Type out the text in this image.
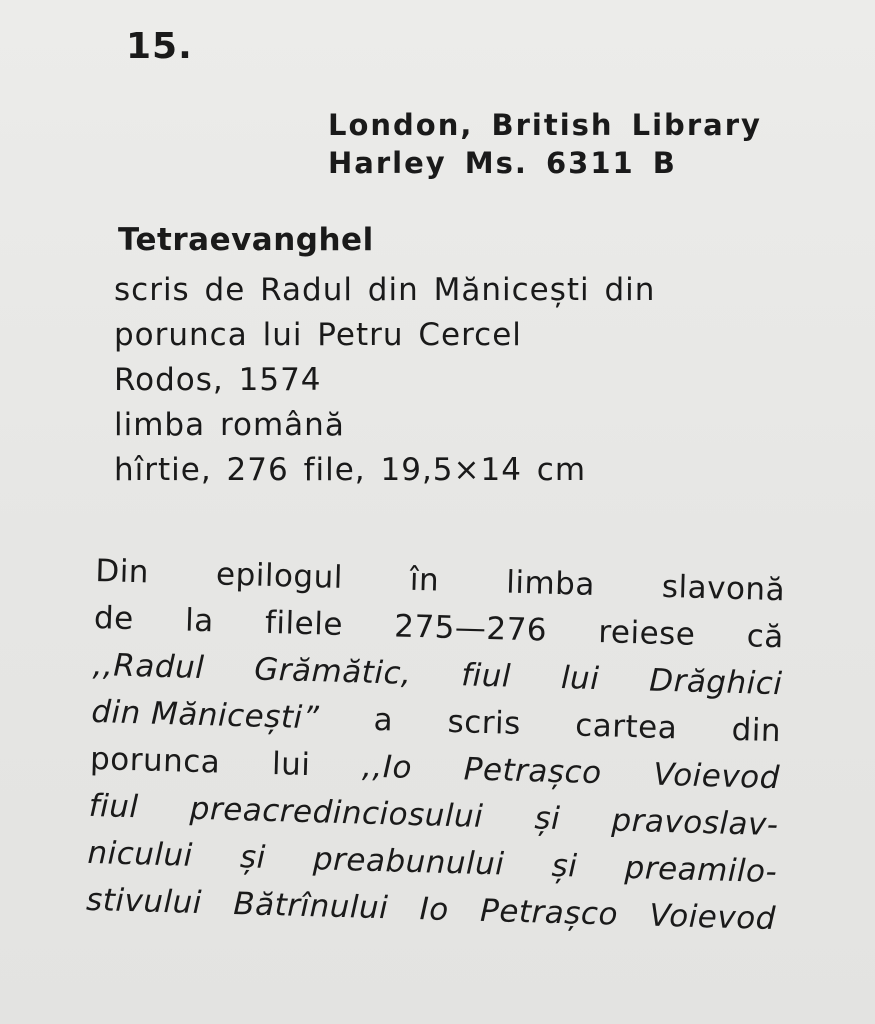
15.
London, British Library
Harley Ms. 6311 B
Tetraevanghel
scris de Radul din Mănicești din
porunca lui Petru Cercel
Rodos, 1574
limba română
hîrtie, 276 file, 19,5×14 cm
Din epilogul în limba slavonă
de la filele 275—276 reiese că
,,Radul Grămătic, fiul lui Drăghici
din Mănicești” a scris cartea din
porunca lui ,,Io Petrașco Voievod
fiul preacredinciosului și pravoslav-
nicului și preabunului și preamilo-
stivului Bătrînului Io Petrașco Voievod
